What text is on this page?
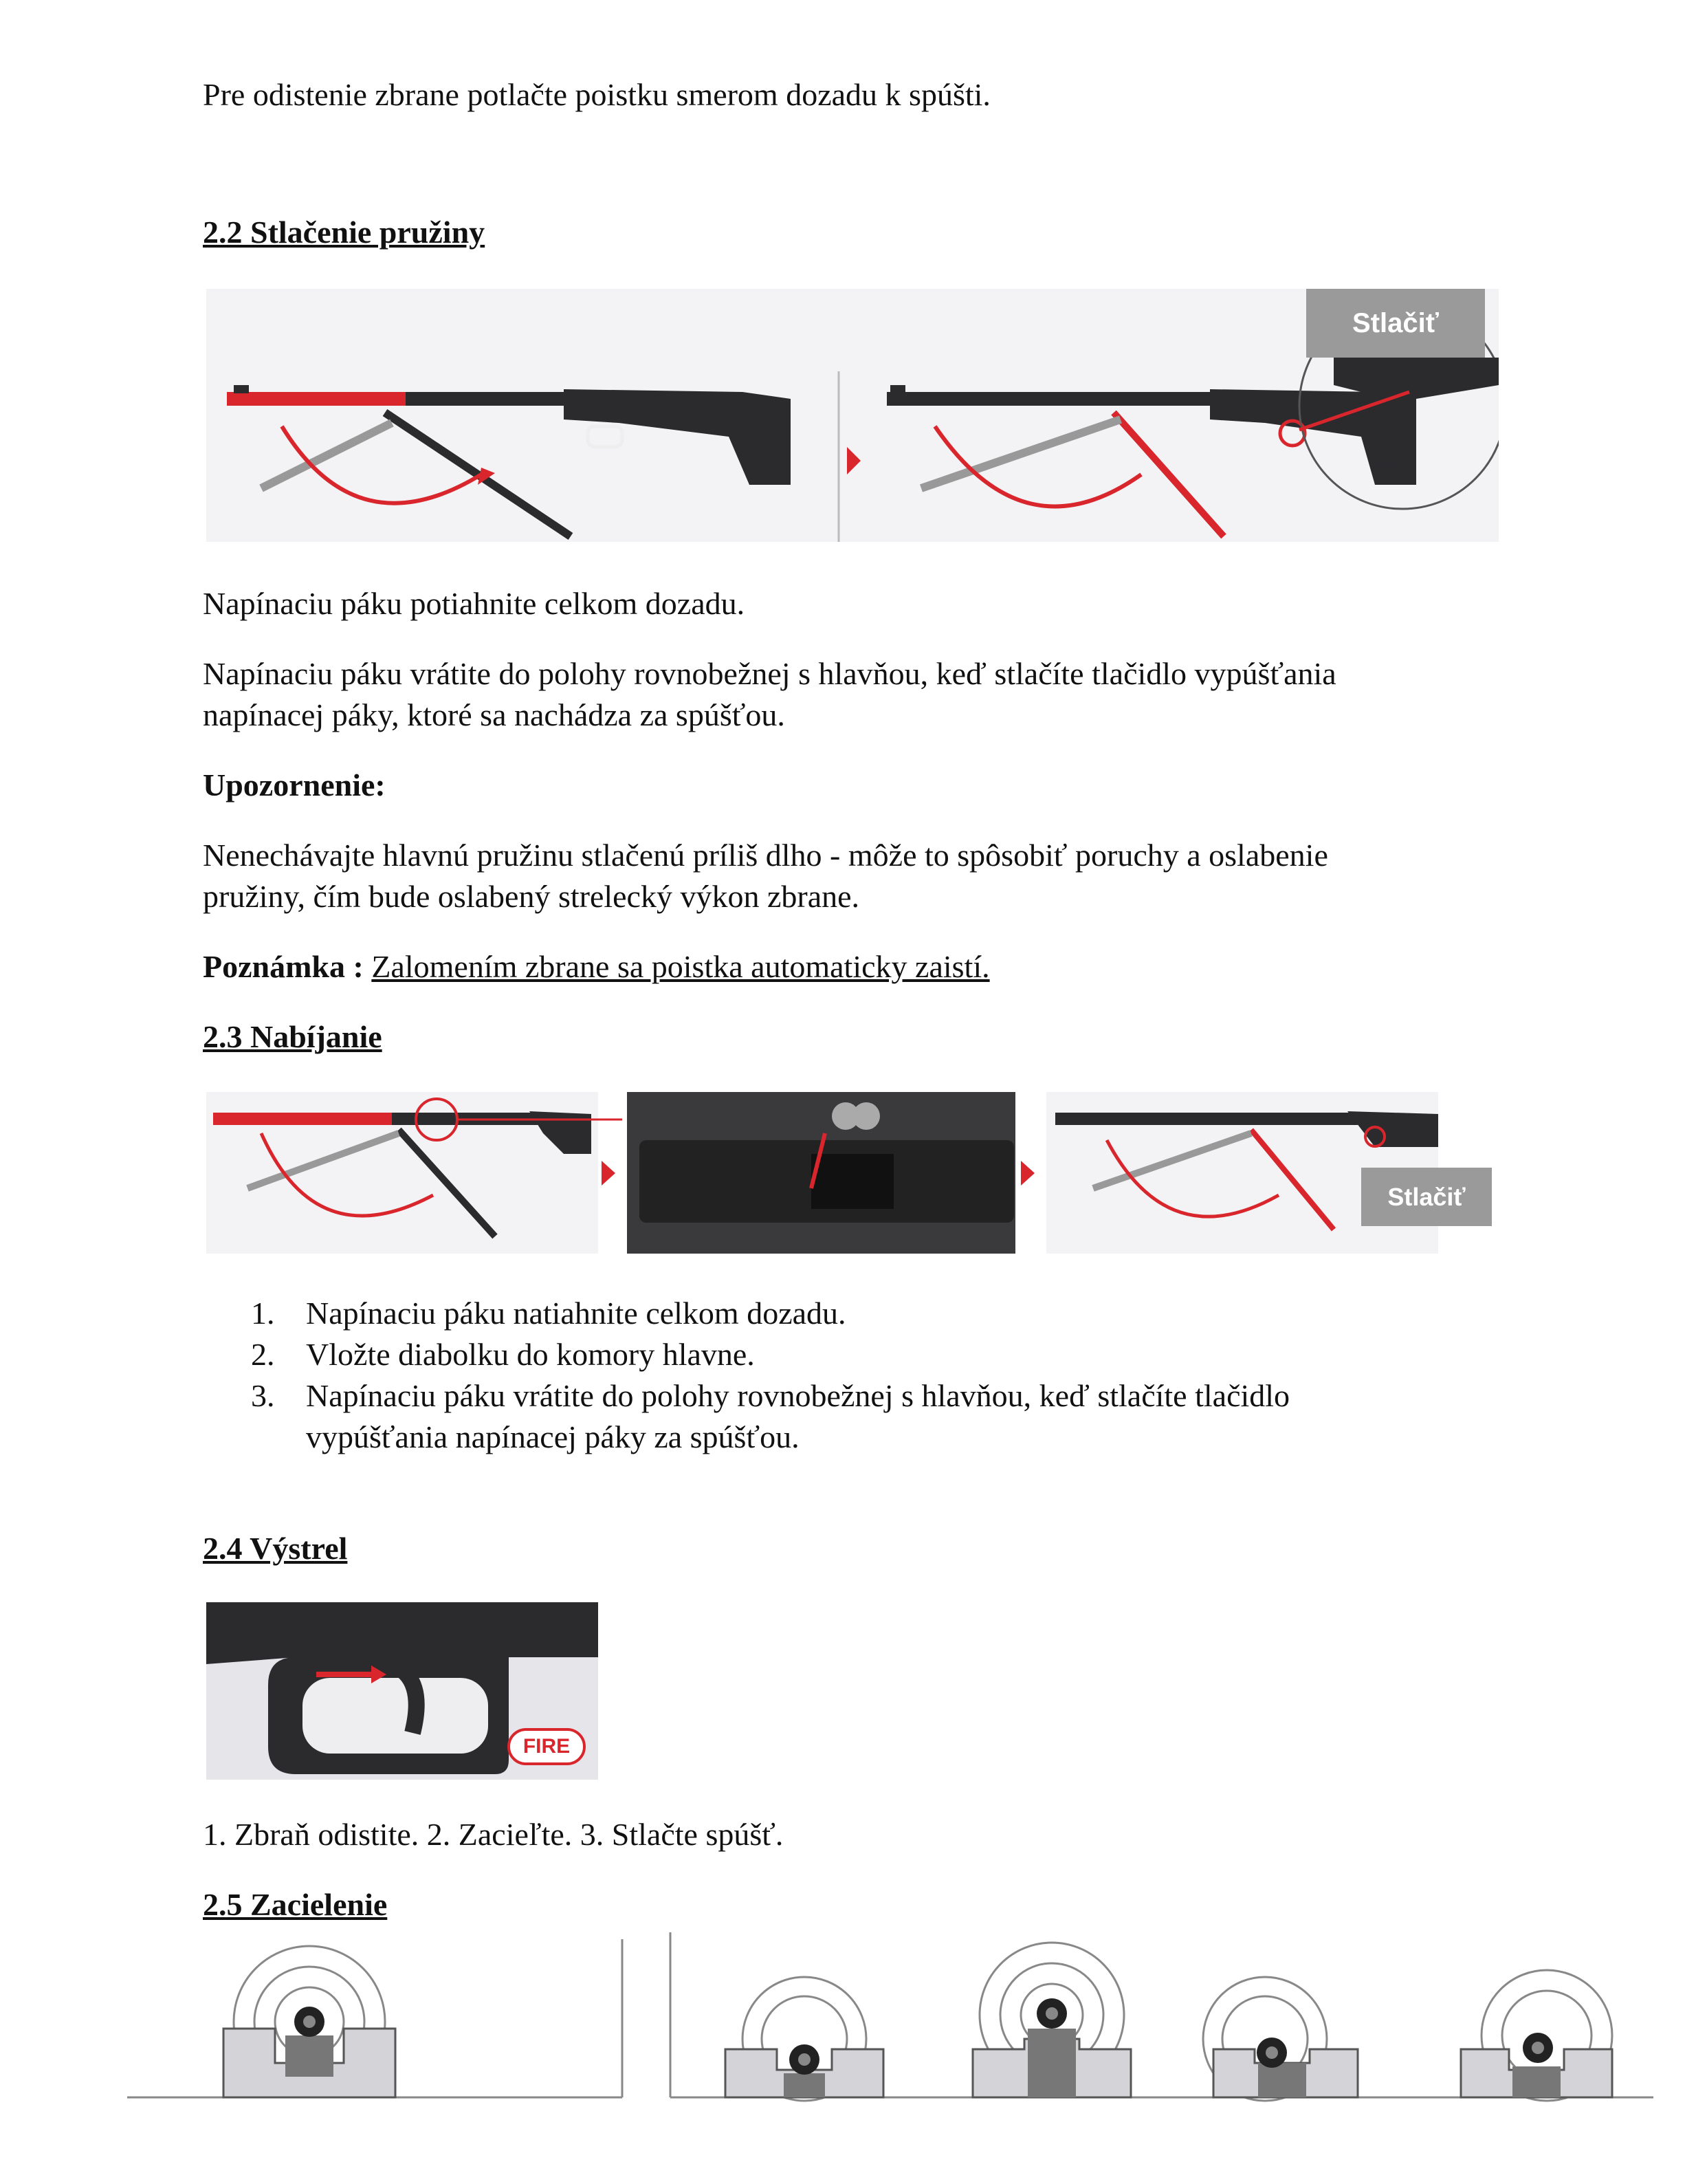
Pre odistenie zbrane potlačte poistku smerom dozadu k spúšti.

2.2 Stlačenie pružiny

Stlačiť

Napínaciu páku potiahnite celkom dozadu.

Napínaciu páku vrátite do polohy rovnobežnej s hlavňou, keď stlačíte tlačidlo vypúšťania

napínacej páky, ktoré sa nachádza za spúšťou.

Upozornenie:

Nenechávajte hlavnú pružinu stlačenú príliš dlho - môže to spôsobiť poruchy a oslabenie

pružiny, čím bude oslabený strelecký výkon zbrane.

Poznámka : Zalomením zbrane sa poistka automaticky zaistí.

2.3 Nabíjanie

Stlačiť
1. Napínaciu páku natiahnite celkom dozadu.
2. Vložte diabolku do komory hlavne.
3. Napínaciu páku vrátite do polohy rovnobežnej s hlavňou, keď stlačíte tlačidlo
vypúšťania napínacej páky za spúšťou.

2.4 Výstrel

FIRE

1. Zbraň odistite. 2. Zacieľte. 3. Stlačte spúšť.

2.5 Zacielenie
